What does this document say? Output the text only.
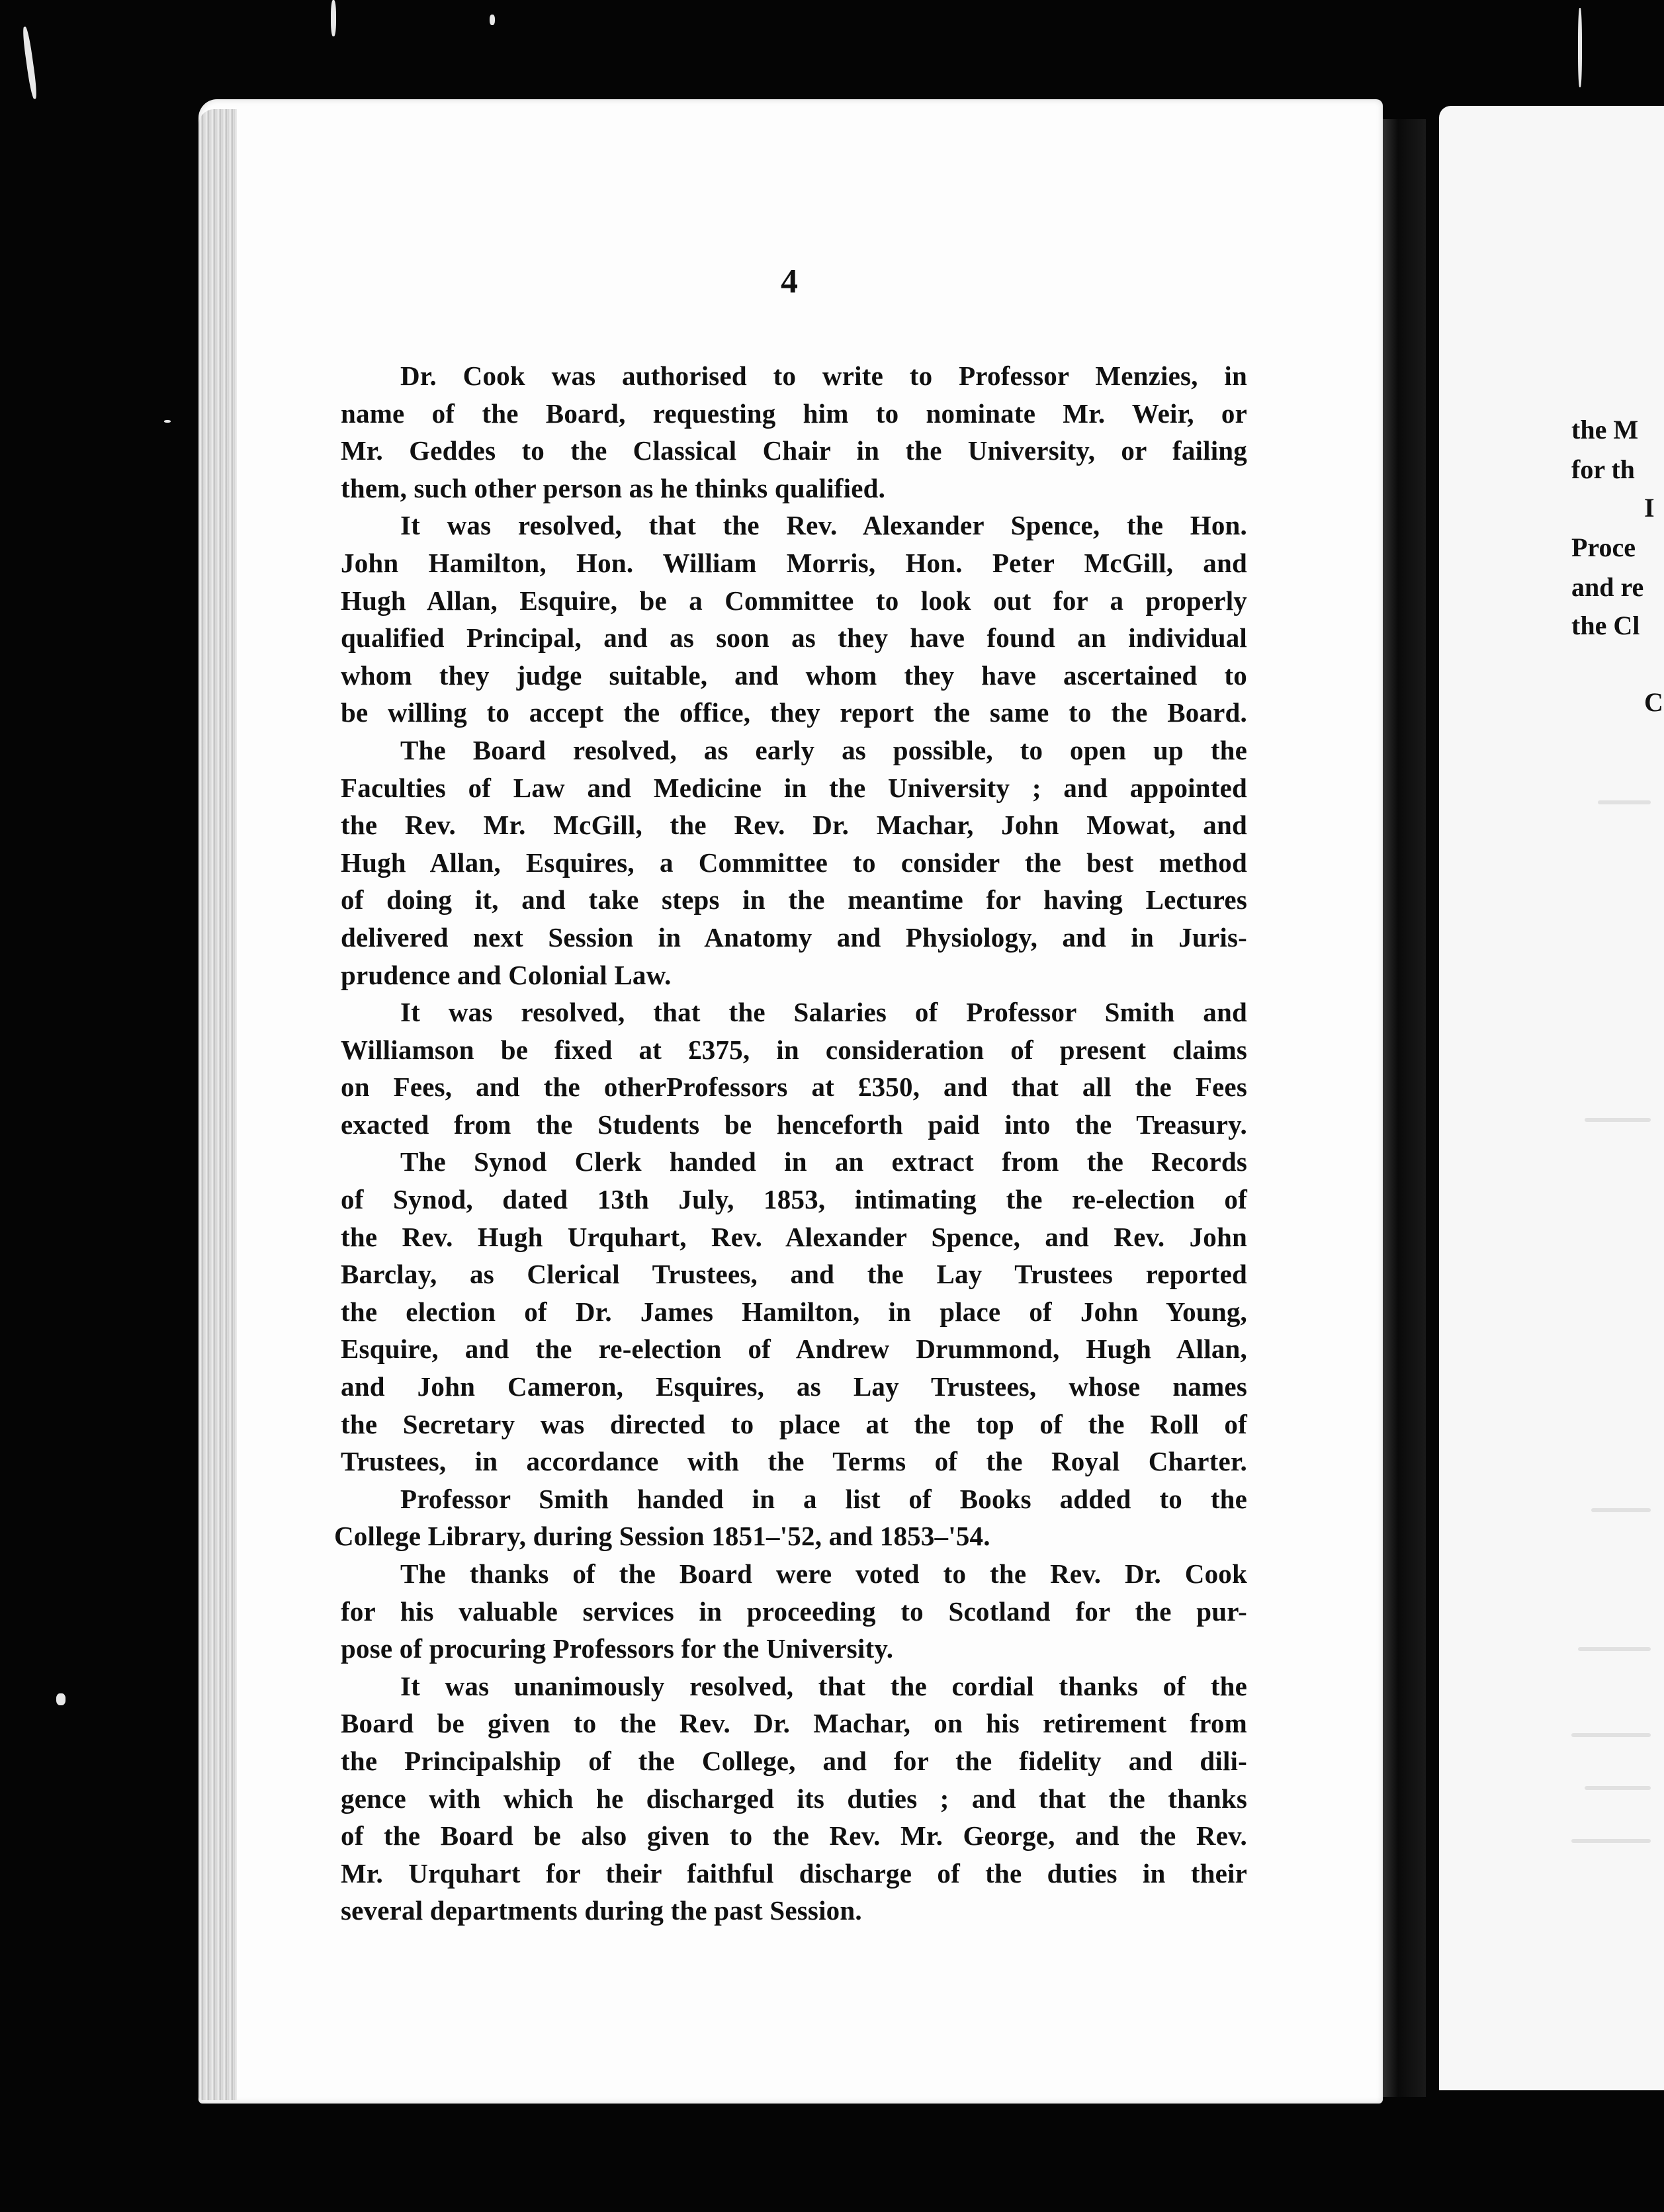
the M
for th
I
Proce
and re
the Cl
C
4
Dr. Cook was authorised to write to Professor Menzies, in
name of the Board, requesting him to nominate Mr. Weir, or
Mr. Geddes to the Classical Chair in the University, or failing
them, such other person as he thinks qualified.
It was resolved, that the Rev. Alexander Spence, the Hon.
John Hamilton, Hon. William Morris, Hon. Peter McGill, and
Hugh Allan, Esquire, be a Committee to look out for a properly
qualified Principal, and as soon as they have found an individual
whom they judge suitable, and whom they have ascertained to
be willing to accept the office, they report the same to the Board.
The Board resolved, as early as possible, to open up the
Faculties of Law and Medicine in the University ; and appointed
the Rev. Mr. McGill, the Rev. Dr. Machar, John Mowat, and
Hugh Allan, Esquires, a Committee to consider the best method
of doing it, and take steps in the meantime for having Lectures
delivered next Session in Anatomy and Physiology, and in Juris-
prudence and Colonial Law.
It was resolved, that the Salaries of Professor Smith and
Williamson be fixed at £375, in consideration of present claims
on Fees, and the otherProfessors at £350, and that all the Fees
exacted from the Students be henceforth paid into the Treasury.
The Synod Clerk handed in an extract from the Records
of Synod, dated 13th July, 1853, intimating the re-election of
the Rev. Hugh Urquhart, Rev. Alexander Spence, and Rev. John
Barclay, as Clerical Trustees, and the Lay Trustees reported
the election of Dr. James Hamilton, in place of John Young,
Esquire, and the re-election of Andrew Drummond, Hugh Allan,
and John Cameron, Esquires, as Lay Trustees, whose names
the Secretary was directed to place at the top of the Roll of
Trustees, in accordance with the Terms of the Royal Charter.
Professor Smith handed in a list of Books added to the
College Library, during Session 1851–'52, and 1853–'54.
The thanks of the Board were voted to the Rev. Dr. Cook
for his valuable services in proceeding to Scotland for the pur-
pose of procuring Professors for the University.
It was unanimously resolved, that the cordial thanks of the
Board be given to the Rev. Dr. Machar, on his retirement from
the Principalship of the College, and for the fidelity and dili-
gence with which he discharged its duties ; and that the thanks
of the Board be also given to the Rev. Mr. George, and the Rev.
Mr. Urquhart for their faithful discharge of the duties in their
several departments during the past Session.
